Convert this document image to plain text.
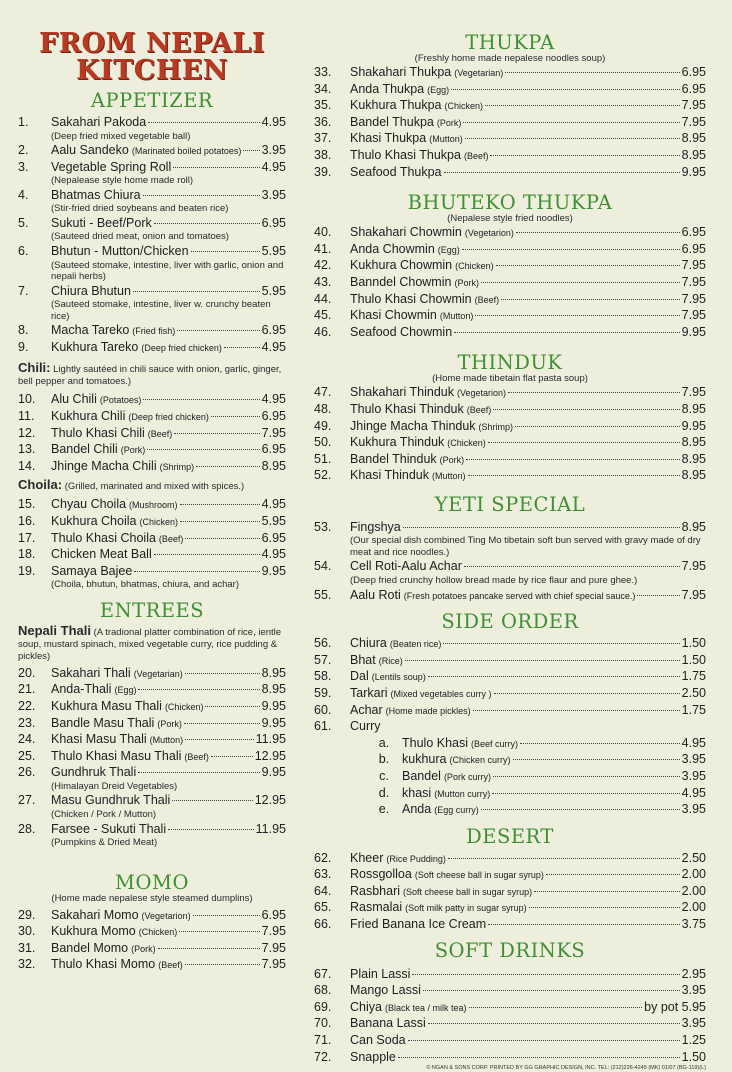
FROM NEPALI
KITCHEN
APPETIZER
1.	Sakahari Pakoda	4.95
(Deep fried mixed vegetable ball)
2.	Aalu Sandeko (Marinated boiled potatoes) 3.95
3.	Vegetable Spring Roll	4.95
(Nepalease style home made roll)
4.	Bhatmas Chiura	3.95
(Stir-fried dried soybeans and beaten rice)
5.	Sukuti - Beef/Pork	6.95
(Sauteed dried meat, onion and tomatoes)
6.	Bhutun - Mutton/Chicken	5.95
(Sauteed stomake, intestine, liver with garlic, onion and nepali herbs)
7.	Chiura Bhutun	5.95
(Sauteed stomake, intestine, liver w. crunchy beaten rice)
8.	Macha Tareko (Fried fish)	6.95
9.	Kukhura Tareko (Deep fried chicken)	4.95
Chili: Lightly sautéed in chili sauce with onion, garlic, ginger, bell pepper and tomatoes.)
10.	Alu Chili (Potatoes)	4.95
11.	Kukhura Chili (Deep fried chicken)	6.95
12.	Thulo Khasi Chili (Beef)	7.95
13.	Bandel Chili (Pork)	6.95
14.	Jhinge Macha Chili (Shrimp)	8.95
Choila: (Grilled, marinated and mixed with spices.)
15.	Chyau Choila (Mushroom)	4.95
16.	Kukhura Choila (Chicken)	5.95
17.	Thulo Khasi Choila (Beef)	6.95
18.	Chicken Meat Ball	4.95
19.	Samaya Bajee	9.95
(Choila, bhutun, bhatmas, chiura, and achar)
ENTREES
Nepali Thali (A tradional platter combination of rice, ientle soup, mustard spinach, mixed vegetable curry, rice pudding & pickles)
20.	Sakahari Thali (Vegetarian)	8.95
21.	Anda-Thali (Egg)	8.95
22.	Kukhura Masu Thali (Chicken)	9.95
23.	Bandle Masu Thali (Pork)	9.95
24.	Khasi Masu Thali (Mutton)	11.95
25.	Thulo Khasi Masu Thali (Beef)	12.95
26.	Gundhruk Thali	9.95
(Himalayan Dreid Vegetables)
27.	Masu Gundhruk Thali	12.95
(Chicken / Pork / Mutton)
28.	Farsee - Sukuti Thali	11.95
(Pumpkins & Dried Meat)
MOMO
(Home made nepalese style steamed dumplins)
29.	Sakahari Momo (Vegetarion)	6.95
30.	Kukhura Momo (Chicken)	7.95
31.	Bandel Momo (Pork)	7.95
32.	Thulo Khasi Momo (Beef)	7.95
THUKPA
(Freshly home made nepalese noodles soup)
33.	Shakahari Thukpa (Vegetarian)	6.95
34.	Anda Thukpa (Egg)	6.95
35.	Kukhura Thukpa (Chicken)	7.95
36.	Bandel Thukpa (Pork)	7.95
37.	Khasi Thukpa (Mutton)	8.95
38.	Thulo Khasi Thukpa (Beef)	8.95
39.	Seafood Thukpa	9.95
BHUTEKO THUKPA
(Nepalese style fried noodles)
40.	Shakahari Chowmin (Vegetarion)	6.95
41.	Anda Chowmin (Egg)	6.95
42.	Kukhura Chowmin (Chicken)	7.95
43.	Banndel Chowmin (Pork)	7.95
44.	Thulo Khasi Chowmin (Beef)	7.95
45.	Khasi Chowmin (Mutton)	7.95
46.	Seafood Chowmin	9.95
THINDUK
(Home made tibetain flat pasta soup)
47.	Shakahari Thinduk (Vegetarion)	7.95
48.	Thulo Khasi Thinduk (Beef)	8.95
49.	Jhinge Macha Thinduk (Shrimp)	9.95
50.	Kukhura Thinduk (Chicken)	8.95
51.	Bandel Thinduk (Pork)	8.95
52.	Khasi Thinduk (Mutton)	8.95
YETI SPECIAL
53.	Fingshya	8.95
(Our special dish combined Ting Mo tibetain soft bun served with gravy made of dry meat and rice noodles.)
54.	Cell Roti-Aalu Achar	7.95
(Deep fried crunchy hollow bread made by rice flaur and pure ghee.)
55.	Aalu Roti (Fresh potatoes pancake served with chief special sauce.)	7.95
SIDE ORDER
56.	Chiura (Beaten rice)	1.50
57.	Bhat (Rice)	1.50
58.	Dal (Lentils soup)	1.75
59.	Tarkari (Mixed vegetables curry )	2.50
60.	Achar (Home made pickles)	1.75
61.	Curry
a.	Thulo Khasi (Beef curry)	4.95
b.	kukhura (Chicken curry)	3.95
c.	Bandel (Pork curry)	3.95
d.	khasi (Mutton curry)	4.95
e.	Anda (Egg curry)	3.95
DESERT
62.	Kheer (Rice Pudding)	2.50
63.	Rossgolloa (Soft cheese ball in sugar syrup)	2.00
64.	Rasbhari (Soft cheese ball in sugar syrup)	2.00
65.	Rasmalai (Soft milk patty in sugar syrup)	2.00
66.	Fried Banana Ice Cream	3.75
SOFT DRINKS
67.	Plain Lassi	2.95
68.	Mango Lassi	3.95
69.	Chiya (Black tea / milk tea)	by pot 5.95
70.	Banana Lassi	3.95
71.	Can Soda	1.25
72.	Snapple	1.50
© NGAN & SONS CORP. PRINTED BY GG GRAPHIC DESIGN, INC. TEL: (212)226-4245 (MK) 01/07 (BG-119)(L)
